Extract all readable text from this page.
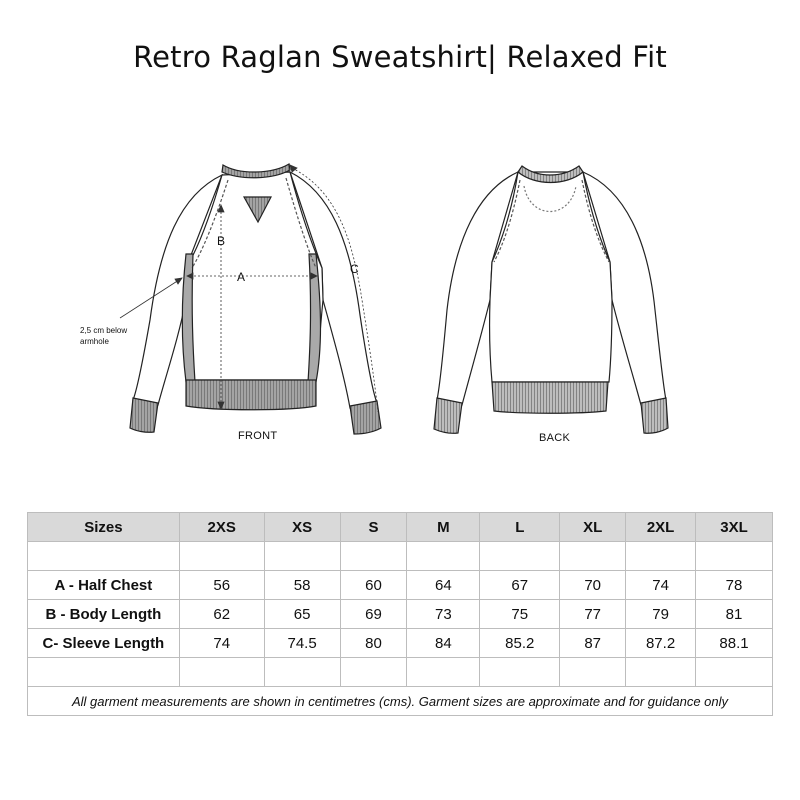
Retro Raglan Sweatshirt| Relaxed Fit
B
A
C
2,5 cm below
armhole
FRONT	BACK
Sizes	2XS	XS	S	M	L	XL	2XL	3XL

A - Half Chest	56	58	60	64	67	70	74	78
B - Body Length	62	65	69	73	75	77	79	81
C- Sleeve Length	74	74.5	80	84	85.2	87	87.2	88.1

All garment measurements are shown in centimetres (cms). Garment sizes are approximate and for guidance only								
